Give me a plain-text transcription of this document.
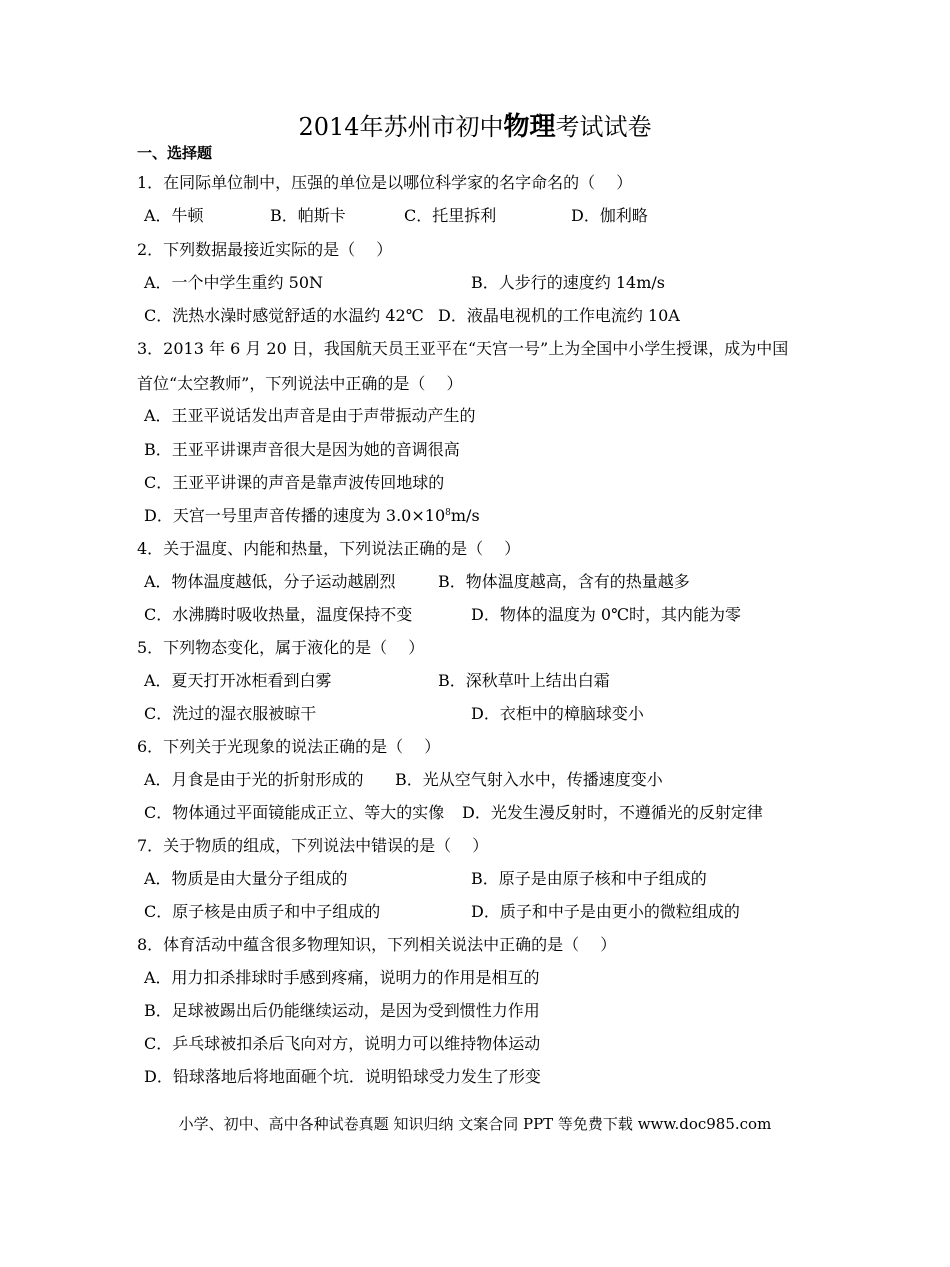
2014年苏州市初中物理考试试卷
一、选择题
1．在同际单位制中，压强的单位是以哪位科学家的名字命名的（　 ）
A．牛顿	B．帕斯卡	C．托里拆利	D．伽利略
2．下列数据最接近实际的是（　 ）
A．一个中学生重约 50N	B．人步行的速度约 14m/s
C．洗热水澡时感觉舒适的水温约 42℃ D．液晶电视机的工作电流约 10A
3．2013 年 6 月 20 日，我国航天员王亚平在“天宫一号”上为全国中小学生授课，成为中国
首位“太空教师”，下列说法中正确的是（　 ）
A．王亚平说话发出声音是由于声带振动产生的
B．王亚平讲课声音很大是因为她的音调很高
C．王亚平讲课的声音是靠声波传回地球的
D．天宫一号里声音传播的速度为 $3.0\times 10^8m/s$
4．关于温度、内能和热量，下列说法正确的是（　 ）
A．物体温度越低，分子运动越剧烈	B．物体温度越高，含有的热量越多
C．水沸腾时吸收热量，温度保持不变	D．物体的温度为 0℃时，其内能为零
5．下列物态变化，属于液化的是（　 ）
A．夏天打开冰柜看到白雾	B．深秋草叶上结出白霜
C．洗过的湿衣服被晾干	D．衣柜中的樟脑球变小
6．下列关于光现象的说法正确的是（　 ）
A．月食是由于光的折射形成的 B．光从空气射入水中，传播速度变小
C．物体通过平面镜能成正立、等大的实像 D．光发生漫反射时，不遵循光的反射定律
7．关于物质的组成，下列说法中错误的是（　 ）
A．物质是由大量分子组成的	B．原子是由原子核和中子组成的
C．原子核是由质子和中子组成的	D．质子和中子是由更小的微粒组成的
8．体育活动中蕴含很多物理知识，下列相关说法中正确的是（　 ）
A．用力扣杀排球时手感到疼痛，说明力的作用是相互的
B．足球被踢出后仍能继续运动，是因为受到惯性力作用
C．乒乓球被扣杀后飞向对方，说明力可以维持物体运动
D．铅球落地后将地面砸个坑．说明铅球受力发生了形变
小学、初中、高中各种试卷真题 知识归纳 文案合同 PPT 等免费下载 www.doc985.com
